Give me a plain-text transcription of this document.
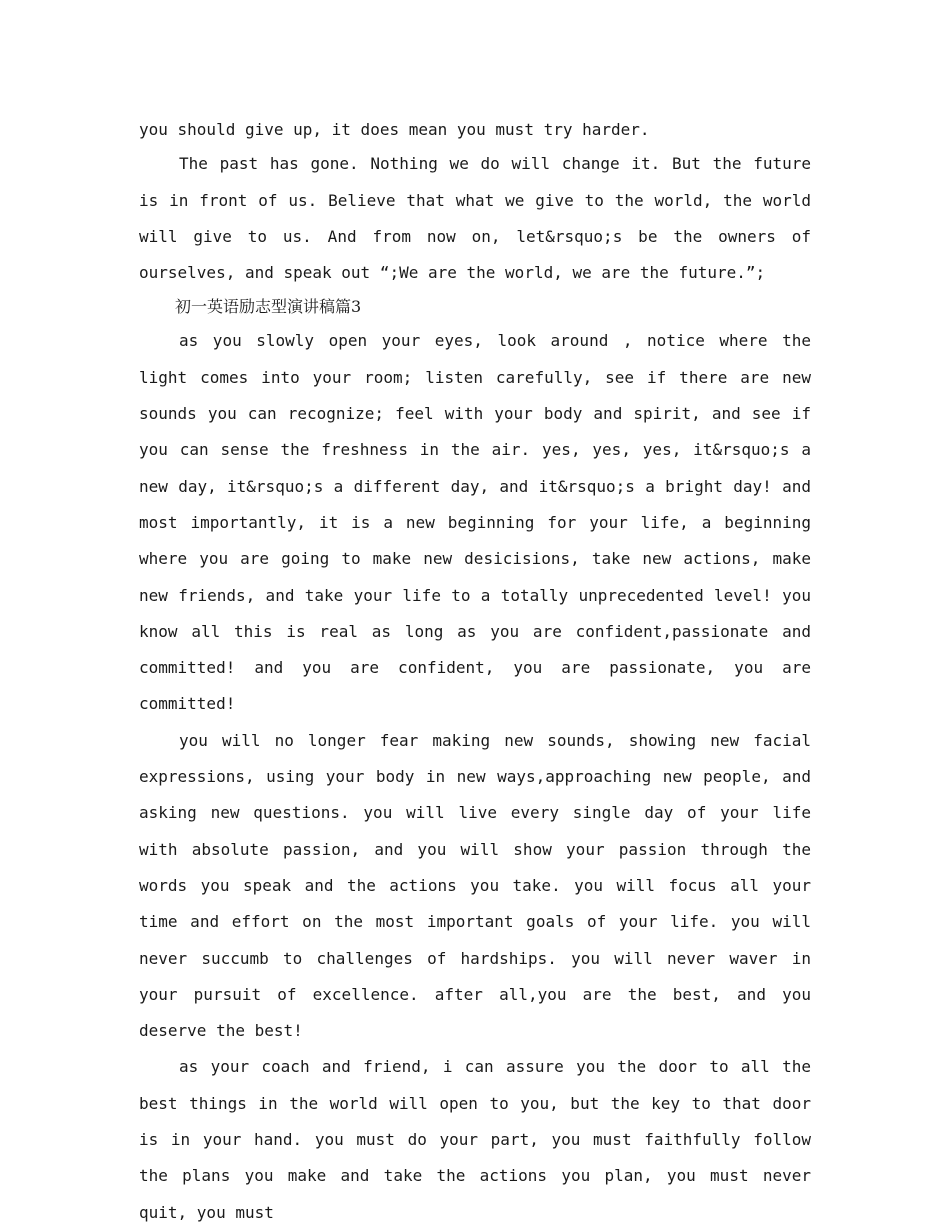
you should give up, it does mean you must try harder.

The past has gone. Nothing we do will change it. But the future is in front of us. Believe that what we give to the world, the world will give to us. And from now on, let&rsquo;s be the owners of ourselves, and speak out “;We are the world, we are the future.”;

初一英语励志型演讲稿篇3

as you slowly open your eyes, look around , notice where the light comes into your room; listen carefully, see if there are new sounds you can recognize; feel with your body and spirit, and see if you can sense the freshness in the air. yes, yes, yes, it&rsquo;s a new day, it&rsquo;s a different day, and it&rsquo;s a bright day! and most importantly, it is a new beginning for your life, a beginning where you are going to make new desicisions, take new actions, make new friends, and take your life to a totally unprecedented level! you know all this is real as long as you are confident,passionate and committed! and you are confident, you are passionate, you are committed!

you will no longer fear making new sounds, showing new facial expressions, using your body in new ways,approaching new people, and asking new questions. you will live every single day of your life with absolute passion, and you will show your passion through the words you speak and the actions you take. you will focus all your time and effort on the most important goals of your life. you will never succumb to challenges of hardships. you will never waver in your pursuit of excellence. after all,you are the best, and you deserve the best!

as your coach and friend, i can assure you the door to all the best things in the world will open to you, but the key to that door is in your hand. you must do your part, you must faithfully follow the plans you make and take the actions you plan, you must never quit, you must
